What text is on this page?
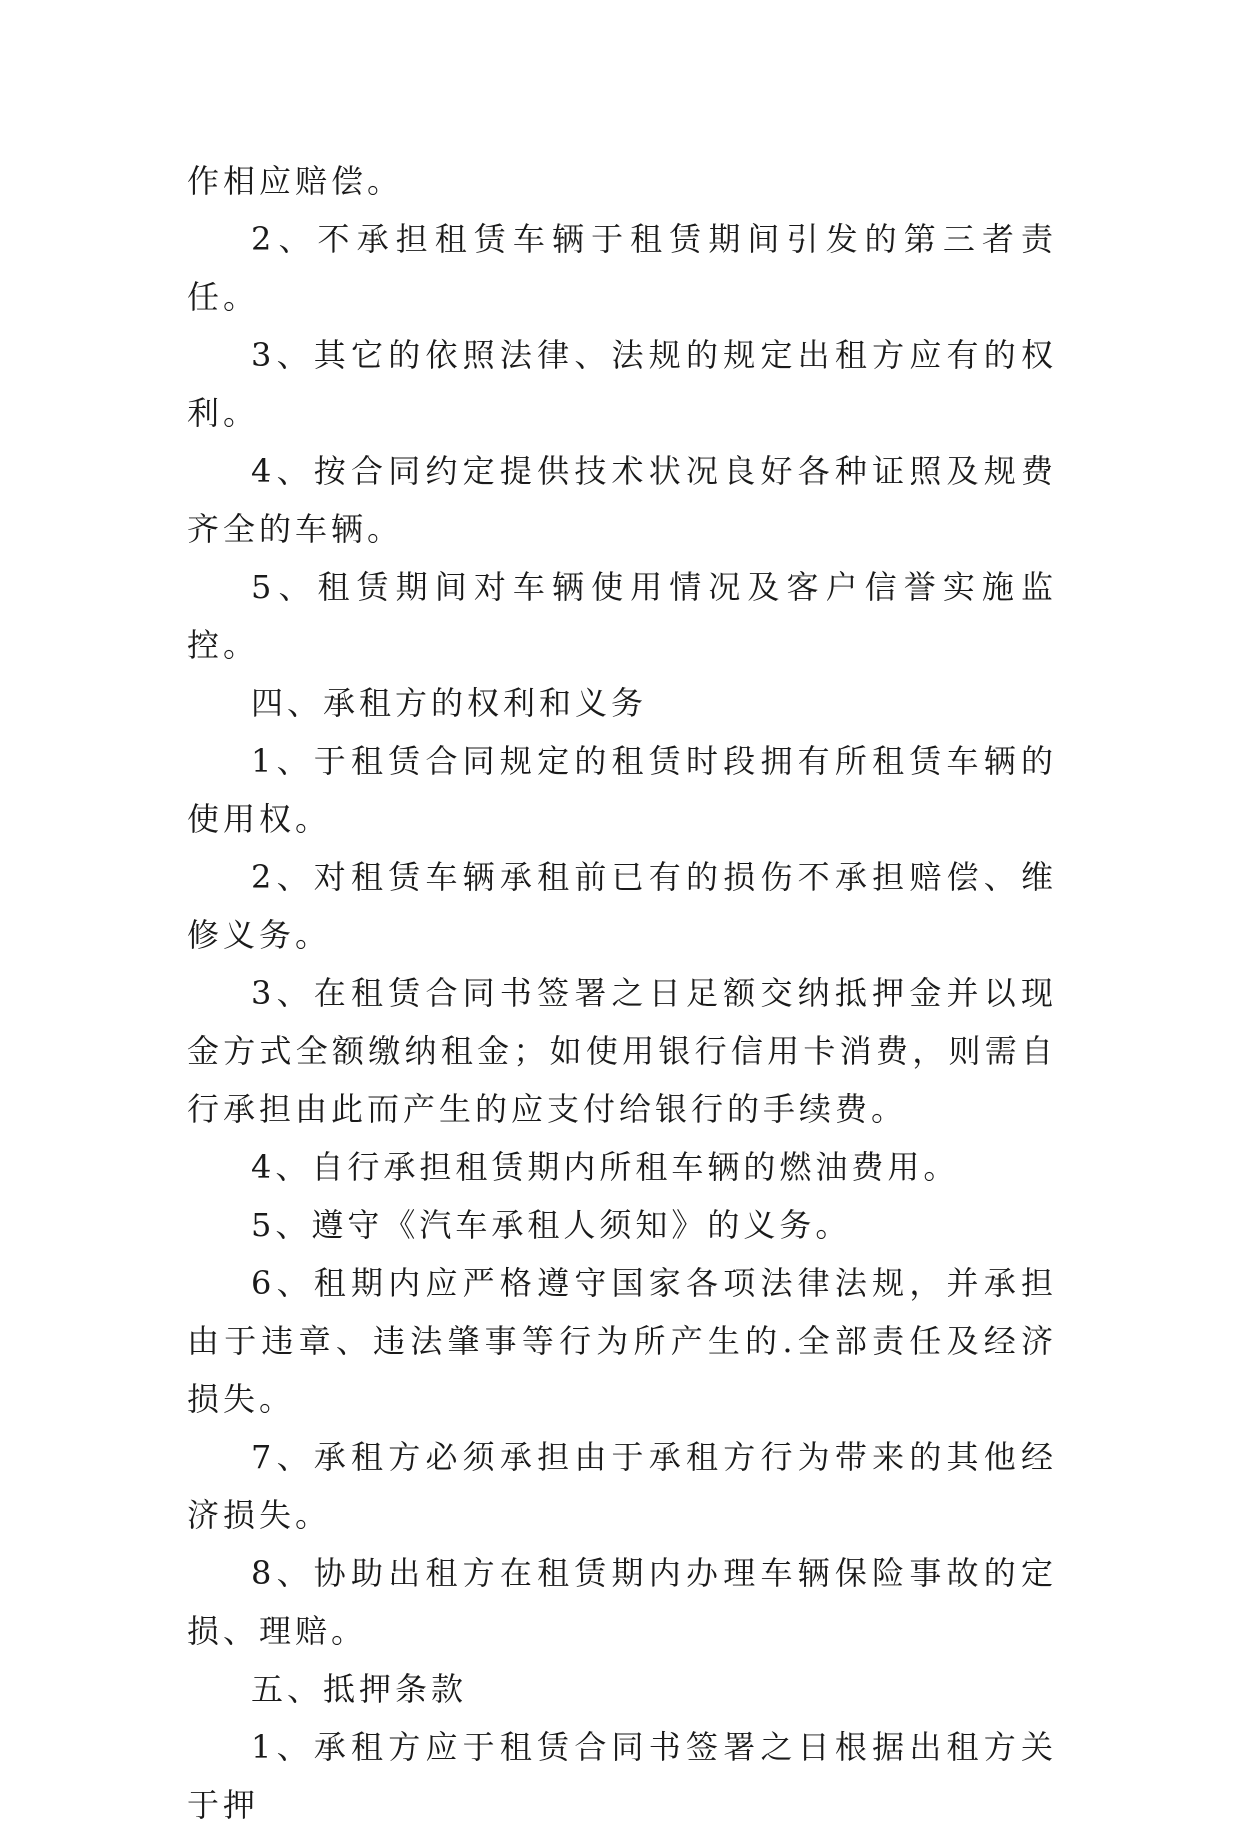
作相应赔偿。

2、不承担租赁车辆于租赁期间引发的第三者责任。

3、其它的依照法律、法规的规定出租方应有的权利。

4、按合同约定提供技术状况良好各种证照及规费齐全的车辆。

5、租赁期间对车辆使用情况及客户信誉实施监控。

四、承租方的权利和义务

1、于租赁合同规定的租赁时段拥有所租赁车辆的使用权。

2、对租赁车辆承租前已有的损伤不承担赔偿、维修义务。

3、在租赁合同书签署之日足额交纳抵押金并以现金方式全额缴纳租金；如使用银行信用卡消费，则需自行承担由此而产生的应支付给银行的手续费。

4、自行承担租赁期内所租车辆的燃油费用。

5、遵守《汽车承租人须知》的义务。

6、租期内应严格遵守国家各项法律法规，并承担由于违章、违法肇事等行为所产生的.全部责任及经济损失。

7、承租方必须承担由于承租方行为带来的其他经济损失。

8、协助出租方在租赁期内办理车辆保险事故的定损、理赔。

五、抵押条款

1、承租方应于租赁合同书签署之日根据出租方关于押
